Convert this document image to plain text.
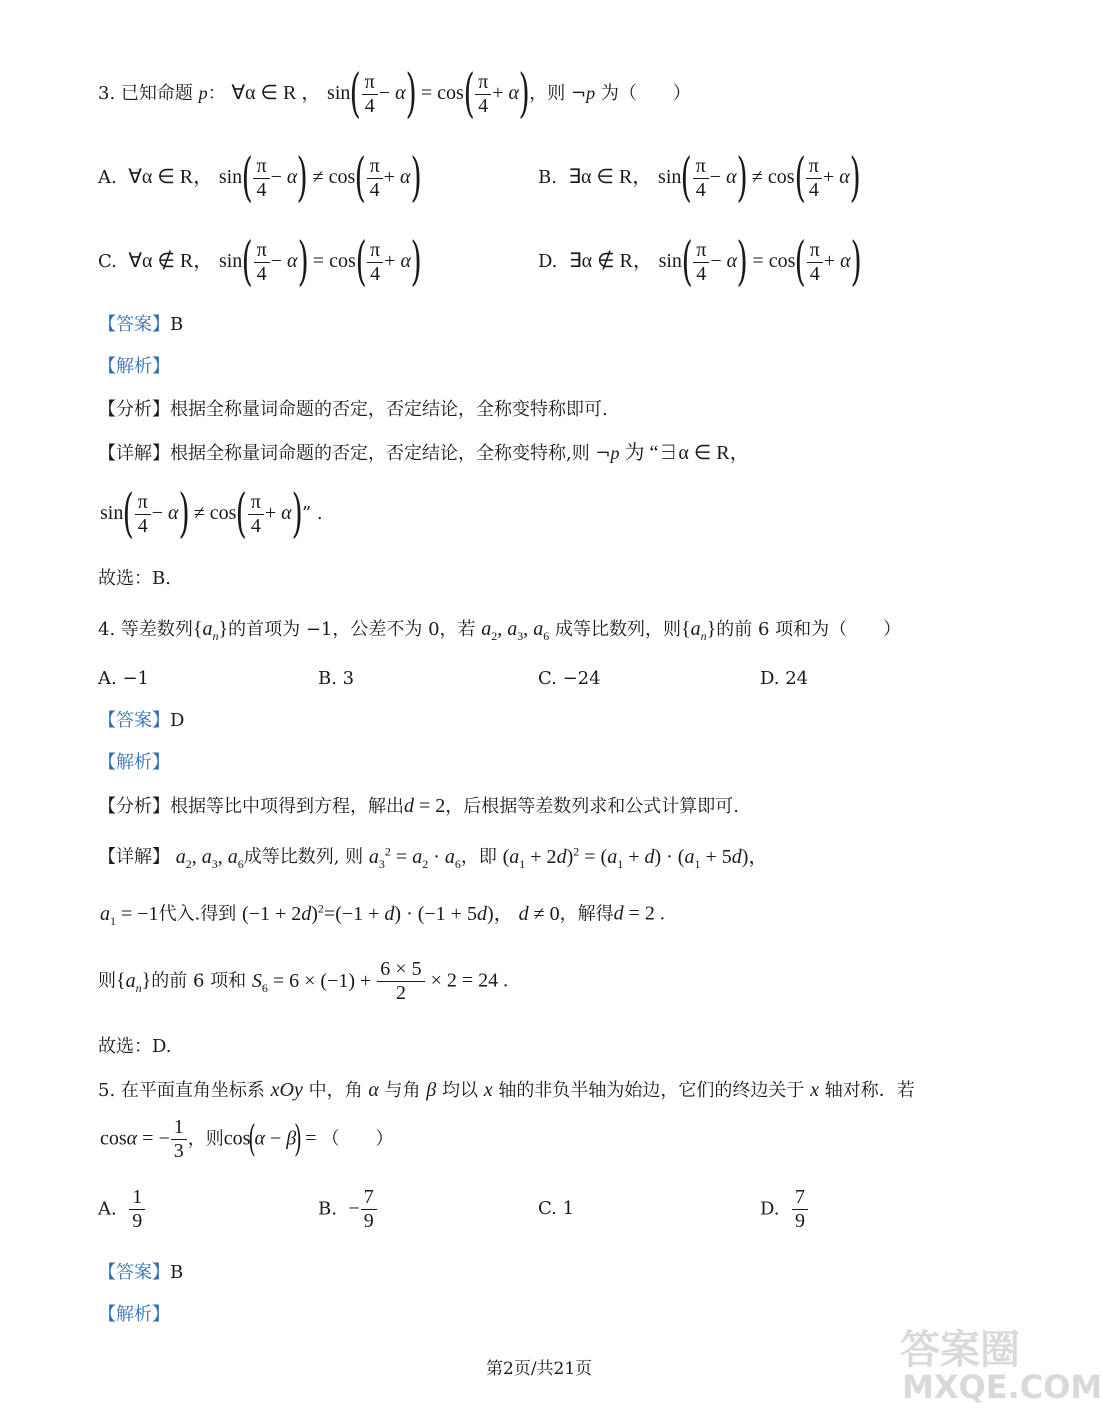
3. 已知命题 p： ∀α ∈ R ， $\sin( \frac{\pi}{4} - \alpha) = \cos( \frac{\pi}{4} + \alpha)$，则 ¬p 为（　　）
A. ∀α ∈ R， $\sin( \frac{\pi}{4} - \alpha) \ne \cos( \frac{\pi}{4} + \alpha)$	B. ∃α ∈ R， $\sin( \frac{\pi}{4} - \alpha) \ne \cos( \frac{\pi}{4} + \alpha)$
C. ∀α ∉ R， $\sin( \frac{\pi}{4} - \alpha) = \cos( \frac{\pi}{4} + \alpha)$	D. ∃α ∉ R， $\sin( \frac{\pi}{4} - \alpha) = \cos( \frac{\pi}{4} + \alpha)$
【答案】B
【解析】
【分析】根据全称量词命题的否定，否定结论，全称变特称即可.
【详解】根据全称量词命题的否定，否定结论，全称变特称,则 ¬p 为 “∃α ∈ R，
$\sin( \frac{\pi}{4} - \alpha) \ne \cos( \frac{\pi}{4} + \alpha)$” .
故选：B.
4. 等差数列$\{a_n\}$的首项为 −1，公差不为 0，若 $a_2$, $a_3$, $a_6$ 成等比数列，则$\{a_n\}$的前 6 项和为（　　）
A. −1	B. 3	C. −24	D. 24
【答案】D
【解析】
【分析】根据等比中项得到方程，解出d = 2，后根据等差数列求和公式计算即可.
【详解】 $a_2$, $a_3$, $a_6$成等比数列, 则 $a_3^2 = a_2 \cdot a_6$，即 $(a_1 + 2d)^2 = (a_1 + d) \cdot (a_1 + 5d)$，
$a_1 = -1$代入.得到 $(-1 + 2d)^2=(-1 + d) \cdot (-1 + 5d)$， d ≠ 0，解得d = 2 .
则$\{a_n\}$的前 6 项和 $S_6 = 6 \times (-1) + \frac{6 \times 5}{2} \times 2 = 24$ .
故选：D.
5. 在平面直角坐标系 xOy 中，角 α 与角 β 均以 x 轴的非负半轴为始边，它们的终边关于 x 轴对称．若
cosα = − $\frac{1}{3}$ ，则cos(α − β) = （　　）
A. $\frac{1}{9}$	B. − $\frac{7}{9}$	C. 1	D. $\frac{7}{9}$
【答案】B
【解析】
第2页/共21页	答案圈
MXQE.COM
